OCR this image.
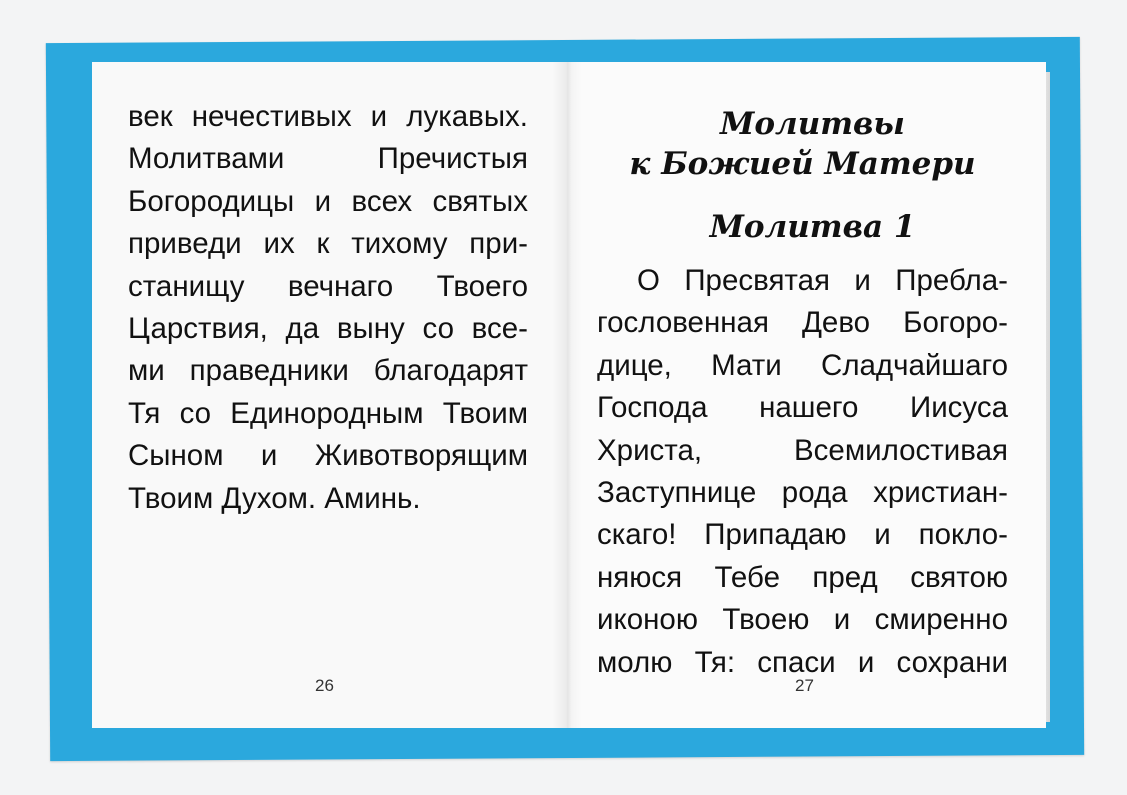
век нечестивых и лукавых.
Молитвами Пречистыя
Богородицы и всех святых
приведи их к тихому при-
станищу вечнаго Твоего
Царствия, да выну со все-
ми праведники благодарят
Тя со Единородным Твоим
Сыном и Животворящим
Твоим Духом. Аминь.
26
Молитвы
к Божией Матери
Молитва 1
О Пресвятая и Пребла-
гословенная Дево Богоро-
дице, Мати Сладчайшаго
Господа нашего Иисуса
Христа, Всемилостивая
Заступнице рода христиан-
скаго! Припадаю и покло-
няюся Тебе пред святою
иконою Твоею и смиренно
молю Тя: спаси и сохрани
27
